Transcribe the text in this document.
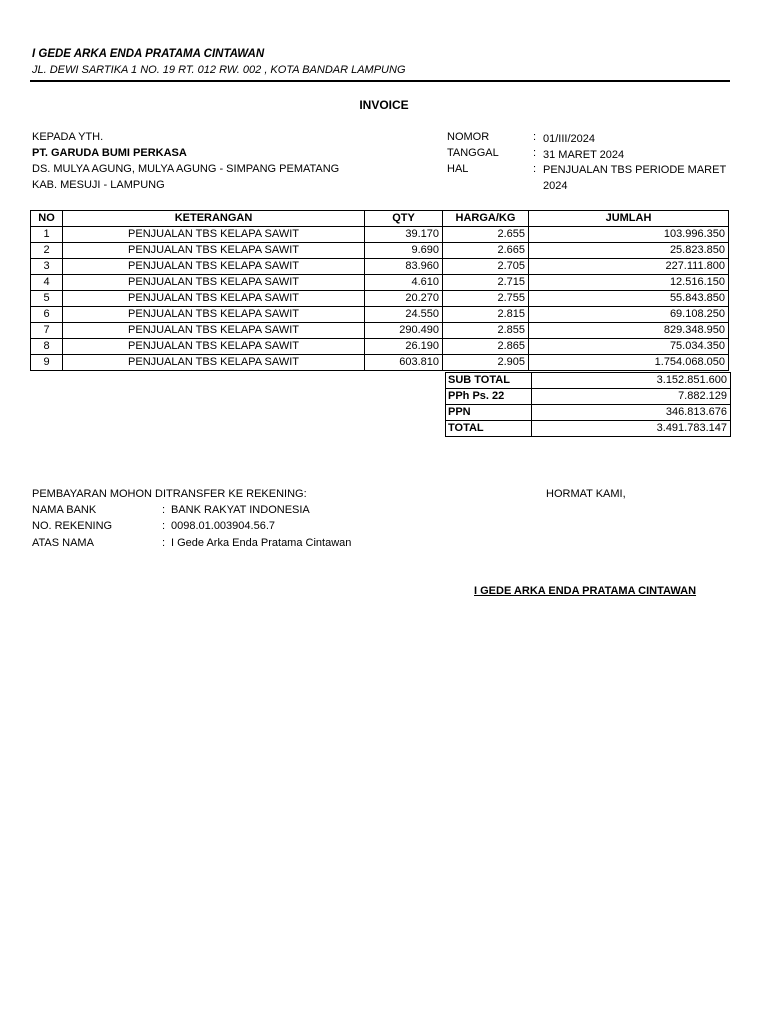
I GEDE ARKA ENDA PRATAMA CINTAWAN
JL. DEWI SARTIKA 1 NO. 19 RT. 012 RW. 002 , KOTA BANDAR LAMPUNG
INVOICE
KEPADA YTH.
PT. GARUDA BUMI PERKASA
DS. MULYA AGUNG, MULYA AGUNG - SIMPANG PEMATANG
KAB. MESUJI - LAMPUNG
NOMOR	: 01/III/2024
TANGGAL	: 31 MARET 2024
HAL	: PENJUALAN TBS PERIODE MARET 2024
NO	KETERANGAN	QTY	HARGA/KG	JUMLAH
1	PENJUALAN TBS KELAPA SAWIT	39.170	2.655	103.996.350
2	PENJUALAN TBS KELAPA SAWIT	9.690	2.665	25.823.850
3	PENJUALAN TBS KELAPA SAWIT	83.960	2.705	227.111.800
4	PENJUALAN TBS KELAPA SAWIT	4.610	2.715	12.516.150
5	PENJUALAN TBS KELAPA SAWIT	20.270	2.755	55.843.850
6	PENJUALAN TBS KELAPA SAWIT	24.550	2.815	69.108.250
7	PENJUALAN TBS KELAPA SAWIT	290.490	2.855	829.348.950
8	PENJUALAN TBS KELAPA SAWIT	26.190	2.865	75.034.350
9	PENJUALAN TBS KELAPA SAWIT	603.810	2.905	1.754.068.050
SUB TOTAL	3.152.851.600
PPh Ps. 22	7.882.129
PPN	346.813.676
TOTAL	3.491.783.147
PEMBAYARAN MOHON DITRANSFER KE REKENING:
NAMA BANK	: BANK RAKYAT INDONESIA
NO. REKENING	: 0098.01.003904.56.7
ATAS NAMA	: I Gede Arka Enda Pratama Cintawan
HORMAT KAMI,
I GEDE ARKA ENDA PRATAMA CINTAWAN
